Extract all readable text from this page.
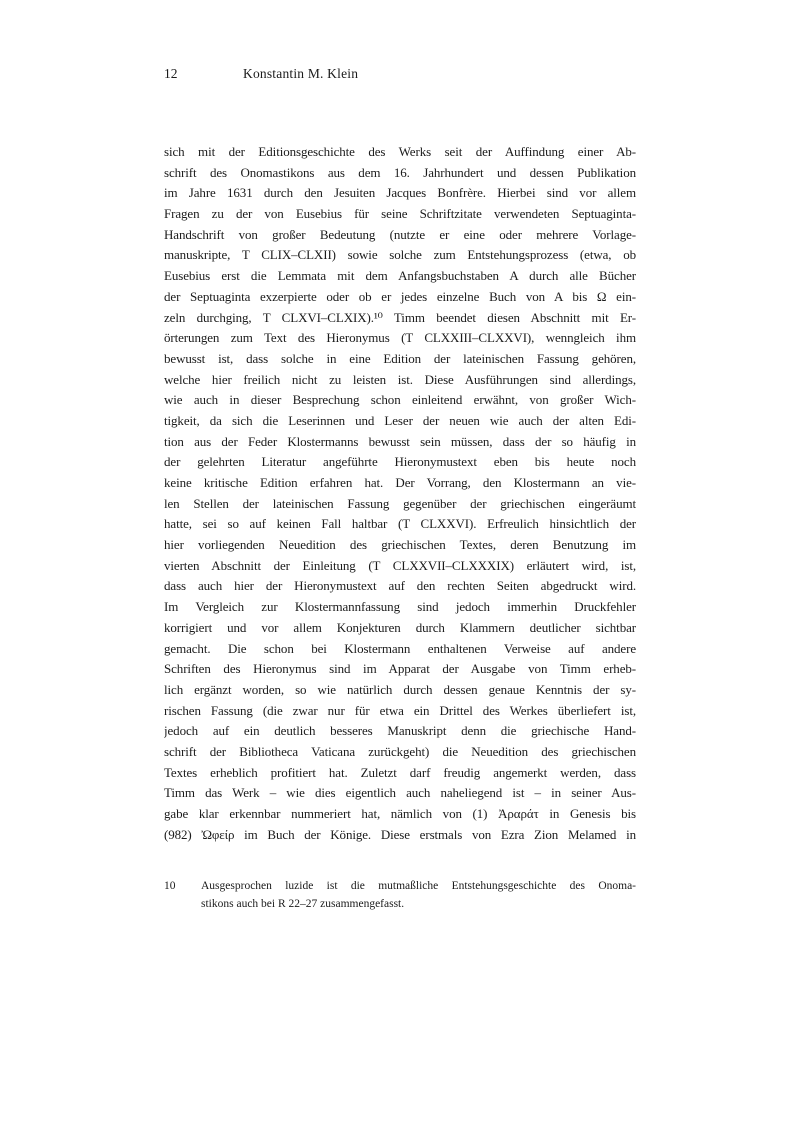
12	Konstantin M. Klein
sich mit der Editionsgeschichte des Werks seit der Auffindung einer Ab-
schrift des Onomastikons aus dem 16. Jahrhundert und dessen Publikation
im Jahre 1631 durch den Jesuiten Jacques Bonfrère. Hierbei sind vor allem
Fragen zu der von Eusebius für seine Schriftzitate verwendeten Septuaginta-
Handschrift von großer Bedeutung (nutzte er eine oder mehrere Vorlage-
manuskripte, T CLIX–CLXII) sowie solche zum Entstehungsprozess (etwa, ob
Eusebius erst die Lemmata mit dem Anfangsbuchstaben A durch alle Bücher
der Septuaginta exzerpierte oder ob er jedes einzelne Buch von A bis Ω ein-
zeln durchging, T CLXVI–CLXIX).¹⁰ Timm beendet diesen Abschnitt mit Er-
örterungen zum Text des Hieronymus (T CLXXIII–CLXXVI), wenngleich ihm
bewusst ist, dass solche in eine Edition der lateinischen Fassung gehören,
welche hier freilich nicht zu leisten ist. Diese Ausführungen sind allerdings,
wie auch in dieser Besprechung schon einleitend erwähnt, von großer Wich-
tigkeit, da sich die Leserinnen und Leser der neuen wie auch der alten Edi-
tion aus der Feder Klostermanns bewusst sein müssen, dass der so häufig in
der gelehrten Literatur angeführte Hieronymustext eben bis heute noch
keine kritische Edition erfahren hat. Der Vorrang, den Klostermann an vie-
len Stellen der lateinischen Fassung gegenüber der griechischen eingeräumt
hatte, sei so auf keinen Fall haltbar (T CLXXVI). Erfreulich hinsichtlich der
hier vorliegenden Neuedition des griechischen Textes, deren Benutzung im
vierten Abschnitt der Einleitung (T CLXXVII–CLXXXIX) erläutert wird, ist,
dass auch hier der Hieronymustext auf den rechten Seiten abgedruckt wird.
Im Vergleich zur Klostermannfassung sind jedoch immerhin Druckfehler
korrigiert und vor allem Konjekturen durch Klammern deutlicher sichtbar
gemacht. Die schon bei Klostermann enthaltenen Verweise auf andere
Schriften des Hieronymus sind im Apparat der Ausgabe von Timm erheb-
lich ergänzt worden, so wie natürlich durch dessen genaue Kenntnis der sy-
rischen Fassung (die zwar nur für etwa ein Drittel des Werkes überliefert ist,
jedoch auf ein deutlich besseres Manuskript denn die griechische Hand-
schrift der Bibliotheca Vaticana zurückgeht) die Neuedition des griechischen
Textes erheblich profitiert hat. Zuletzt darf freudig angemerkt werden, dass
Timm das Werk – wie dies eigentlich auch naheliegend ist – in seiner Aus-
gabe klar erkennbar nummeriert hat, nämlich von (1) Ἀραράτ in Genesis bis
(982) Ὠφείρ im Buch der Könige. Diese erstmals von Ezra Zion Melamed in
10	Ausgesprochen luzide ist die mutmaßliche Entstehungsgeschichte des Onoma-
stikons auch bei R 22–27 zusammengefasst.
